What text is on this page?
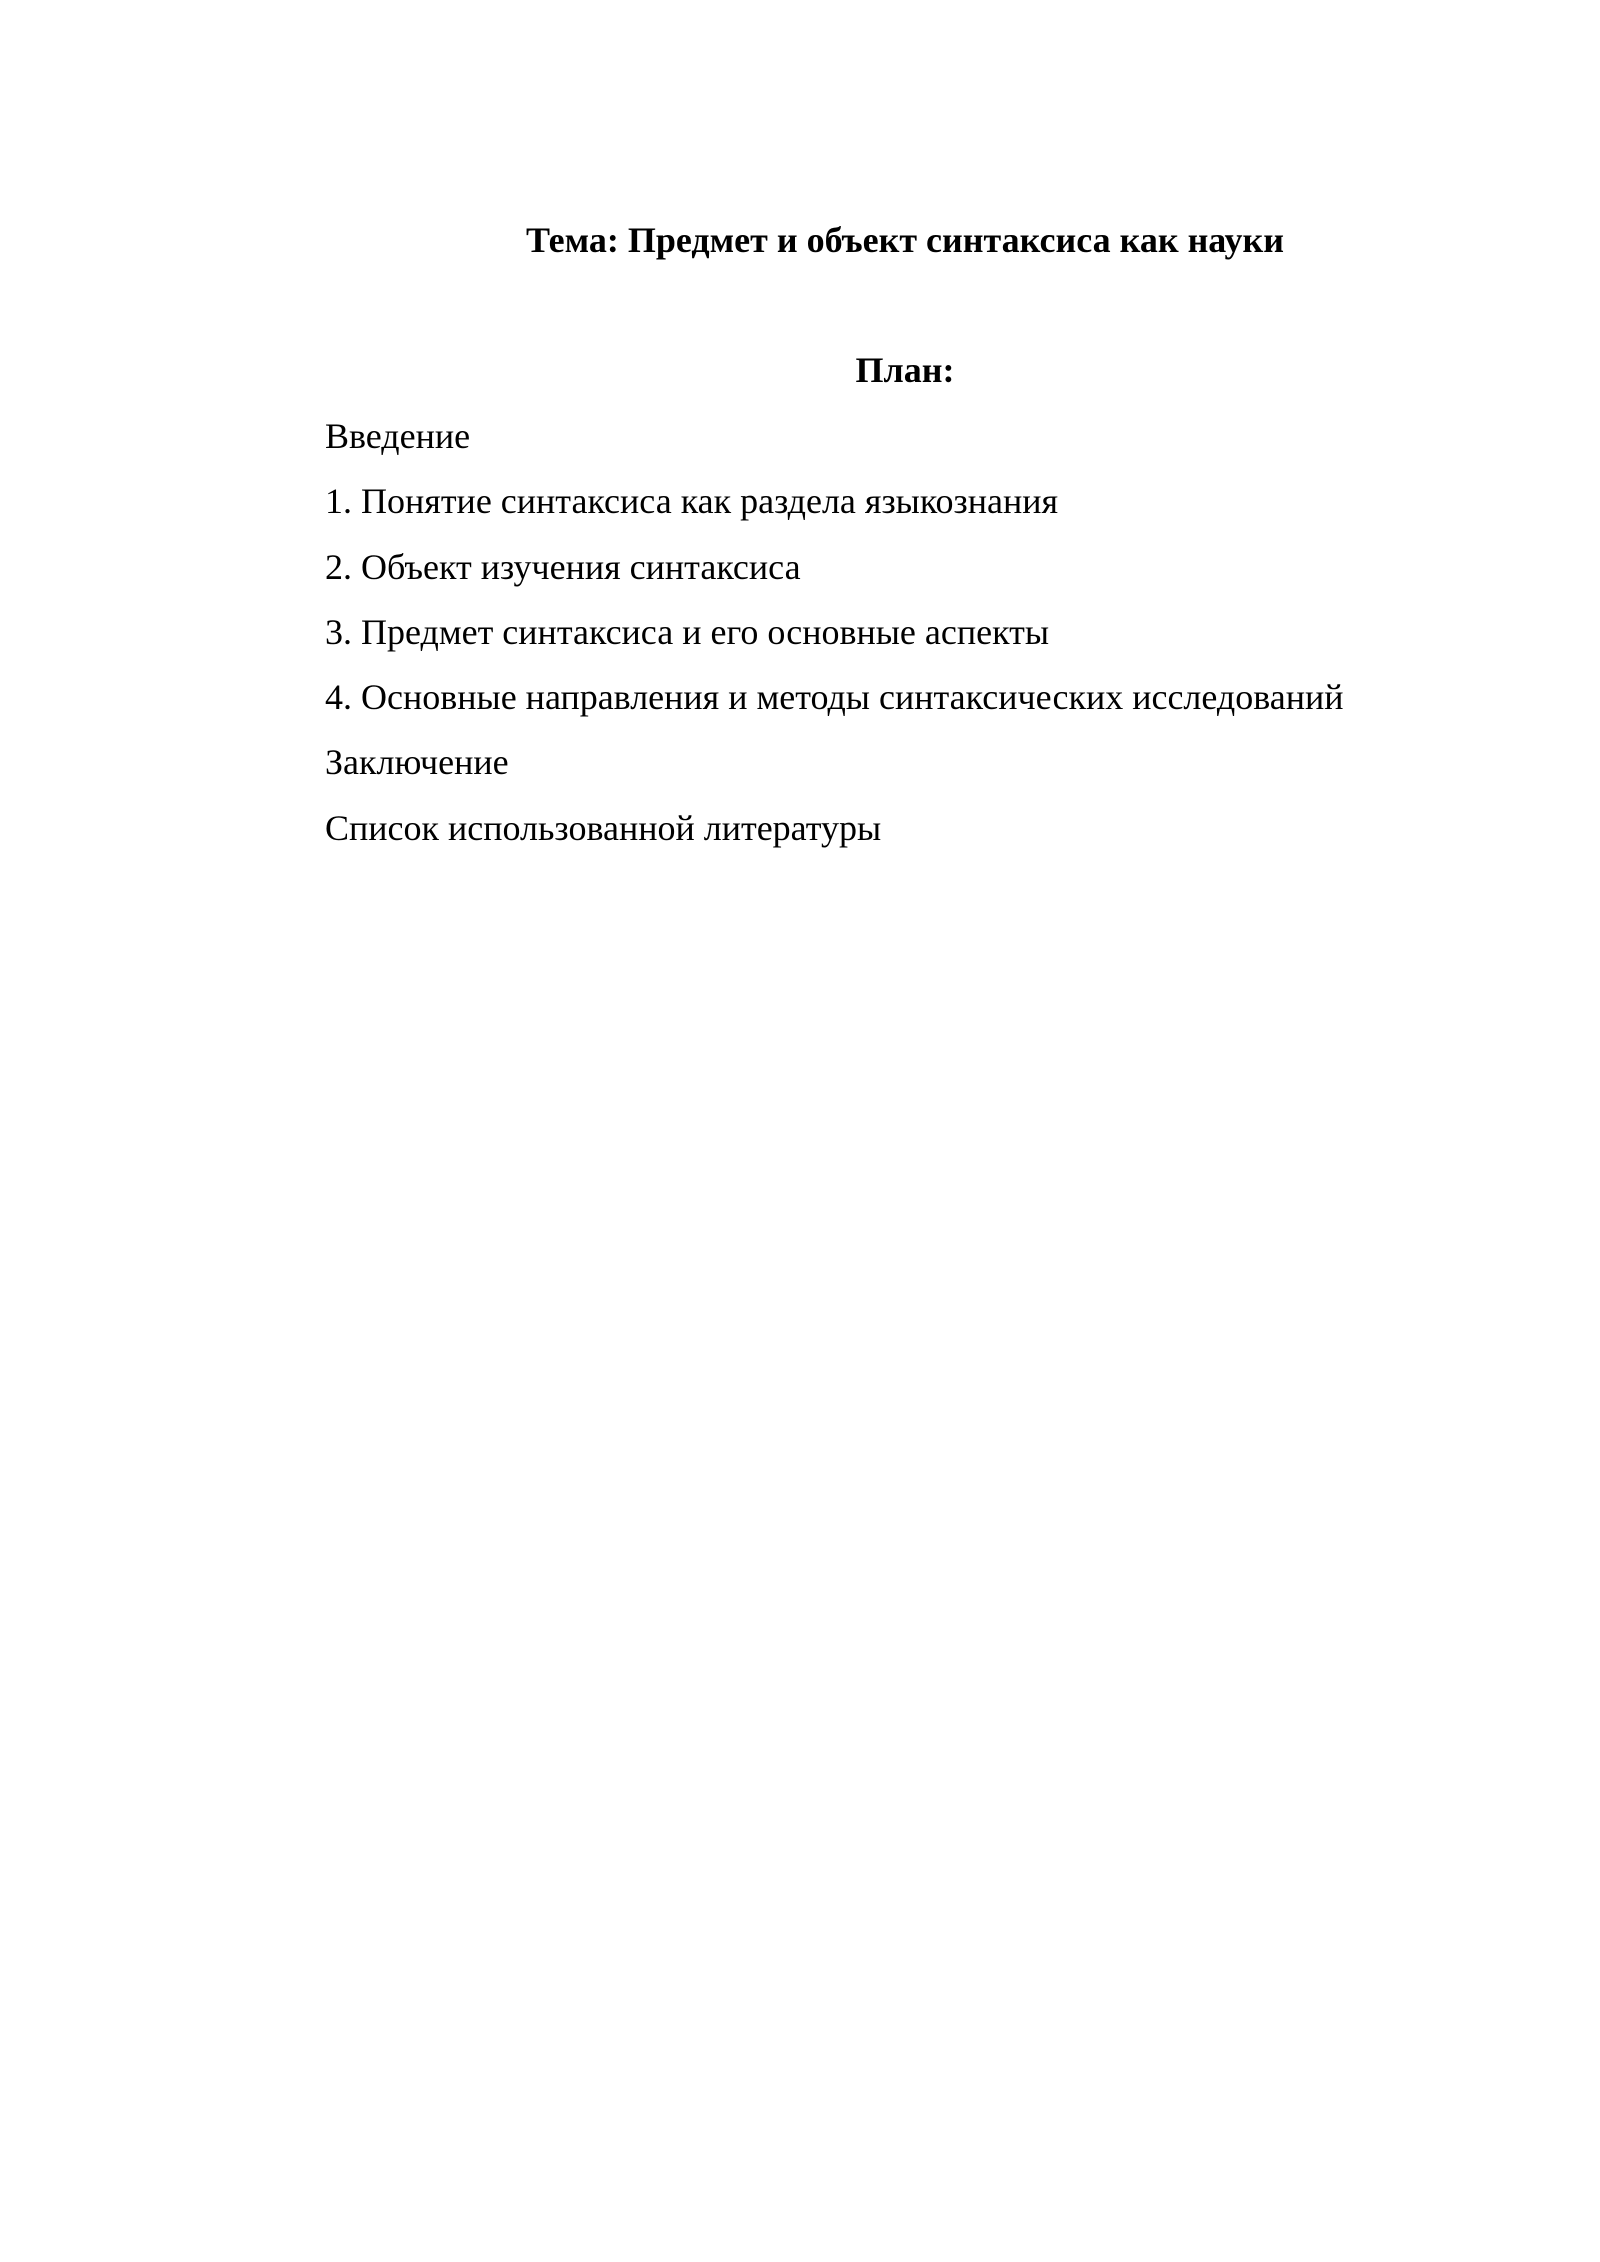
Тема: Предмет и объект синтаксиса как науки
План:
Введение
1. Понятие синтаксиса как раздела языкознания
2. Объект изучения синтаксиса
3. Предмет синтаксиса и его основные аспекты
4. Основные направления и методы синтаксических исследований
Заключение
Список использованной литературы
